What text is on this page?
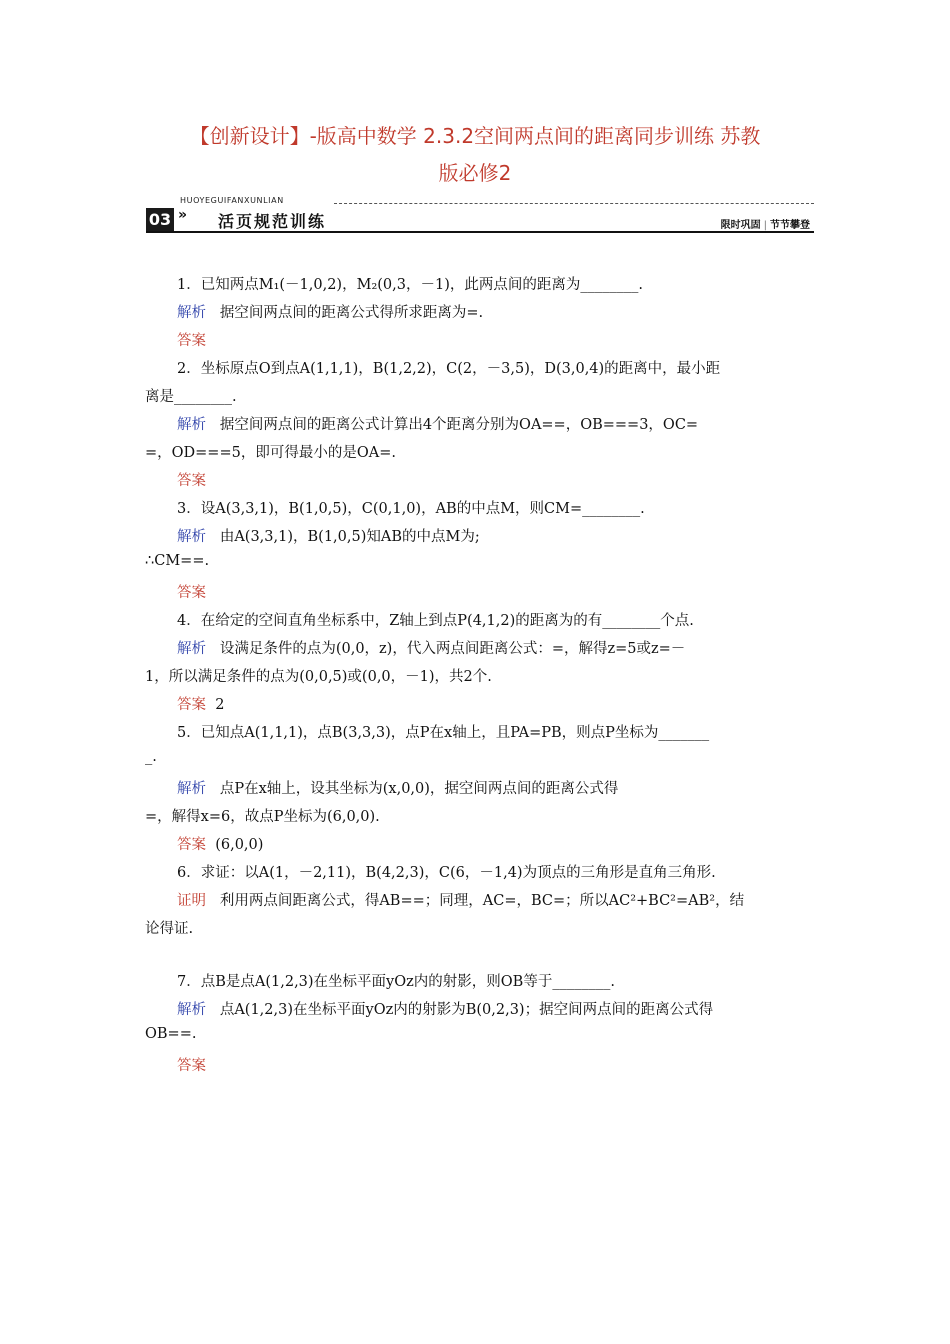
【创新设计】-版高中数学 2.3.2空间两点间的距离同步训练 苏教
版必修2
HUOYEGUIFANXUNLIAN
03 » 活页规范训练	限时巩固 | 节节攀登
1．已知两点M₁(－1,0,2)，M₂(0,3，－1)，此两点间的距离为________.
解析 据空间两点间的距离公式得所求距离为=.
答案
2．坐标原点O到点A(1,1,1)，B(1,2,2)，C(2，－3,5)，D(3,0,4)的距离中，最小距
离是________.
解析 据空间两点间的距离公式计算出4个距离分别为OA==，OB===3，OC=
=，OD===5，即可得最小的是OA=.
答案
3．设A(3,3,1)，B(1,0,5)，C(0,1,0)，AB的中点M，则CM=________.
解析 由A(3,3,1)，B(1,0,5)知AB的中点M为;
∴CM==.
答案
4．在给定的空间直角坐标系中，Z轴上到点P(4,1,2)的距离为的有________个点.
解析 设满足条件的点为(0,0，z)，代入两点间距离公式：=，解得z=5或z=－
1，所以满足条件的点为(0,0,5)或(0,0，－1)，共2个.
答案 2
5．已知点A(1,1,1)，点B(3,3,3)，点P在x轴上，且PA=PB，则点P坐标为_______
_.
解析 点P在x轴上，设其坐标为(x,0,0)，据空间两点间的距离公式得
=，解得x=6，故点P坐标为(6,0,0).
答案 (6,0,0)
6．求证：以A(1，－2,11)，B(4,2,3)，C(6，－1,4)为顶点的三角形是直角三角形.
证明 利用两点间距离公式，得AB==；同理，AC=，BC=；所以AC²+BC²=AB²，结
论得证.
7．点B是点A(1,2,3)在坐标平面yOz内的射影，则OB等于________.
解析 点A(1,2,3)在坐标平面yOz内的射影为B(0,2,3)；据空间两点间的距离公式得
OB==.
答案
